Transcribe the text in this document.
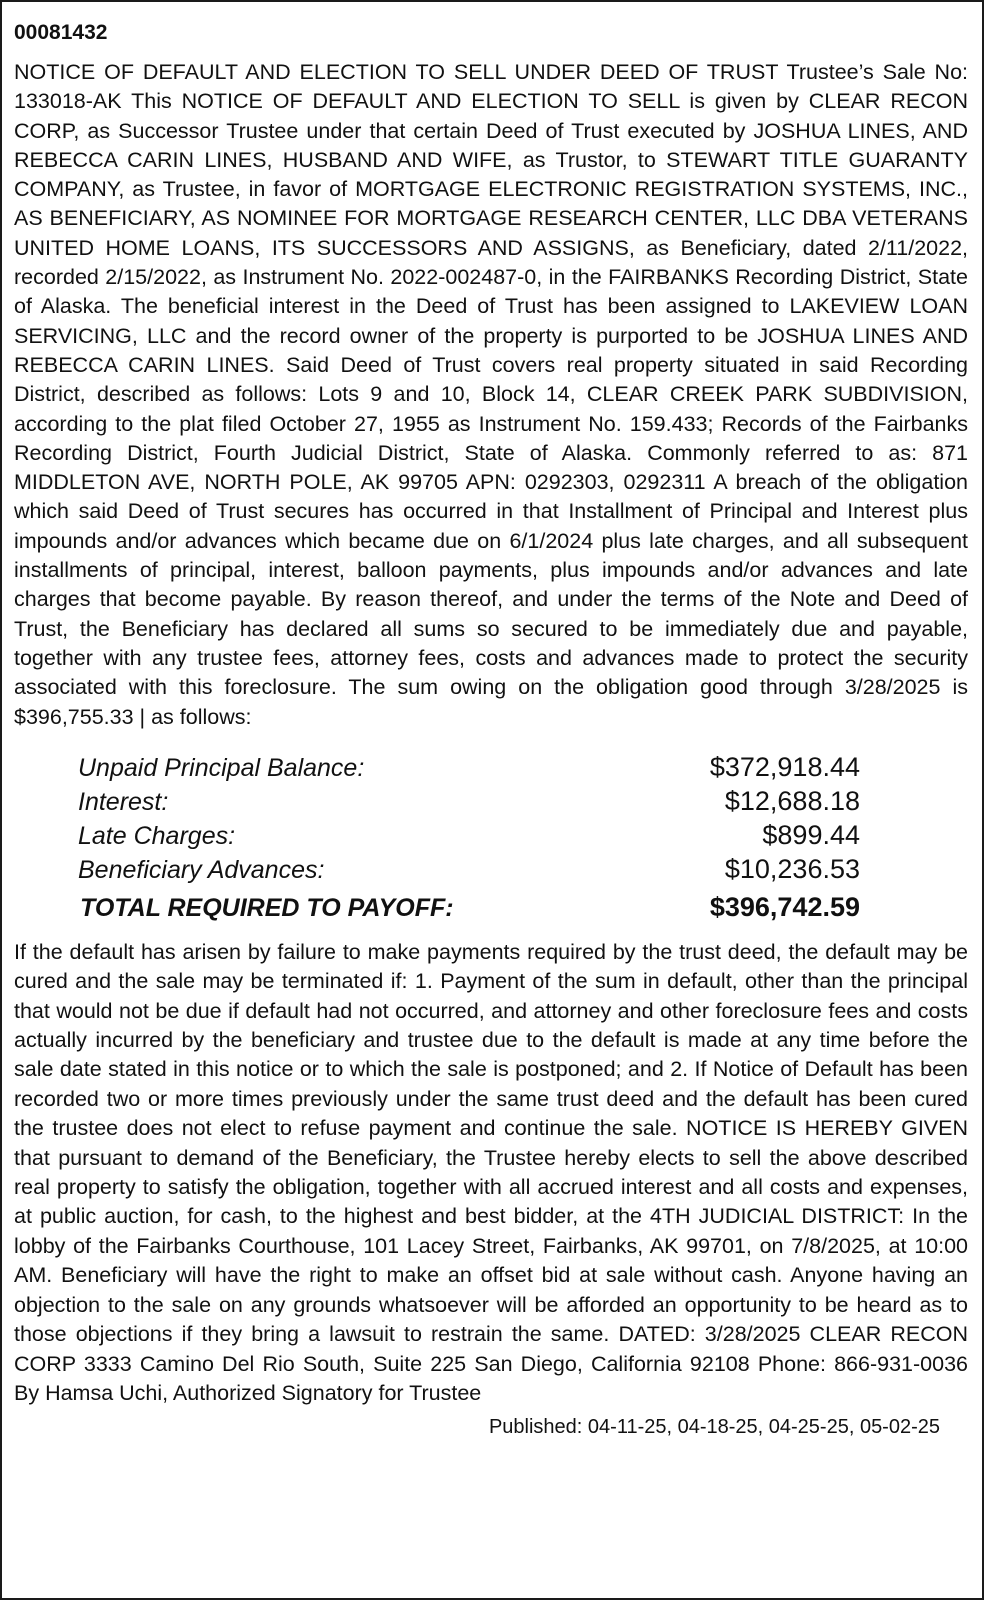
00081432

NOTICE OF DEFAULT AND ELECTION TO SELL UNDER DEED OF TRUST Trustee’s Sale No: 133018-AK This NOTICE OF DEFAULT AND ELECTION TO SELL is given by CLEAR RECON CORP, as Successor Trustee under that certain Deed of Trust executed by JOSHUA LINES, AND REBECCA CARIN LINES, HUSBAND AND WIFE, as Trustor, to STEWART TITLE GUARANTY COMPANY, as Trustee, in favor of MORTGAGE ELECTRONIC REGISTRATION SYSTEMS, INC., AS BENEFICIARY, AS NOMINEE FOR MORTGAGE RESEARCH CENTER, LLC DBA VETERANS UNITED HOME LOANS, ITS SUCCESSORS AND ASSIGNS, as Beneficiary, dated 2/11/2022, recorded 2/15/2022, as Instrument No. 2022-002487-0, in the FAIRBANKS Recording District, State of Alaska. The beneficial interest in the Deed of Trust has been assigned to LAKEVIEW LOAN SERVICING, LLC and the record owner of the property is purported to be JOSHUA LINES AND REBECCA CARIN LINES. Said Deed of Trust covers real property situated in said Recording District, described as follows: Lots 9 and 10, Block 14, CLEAR CREEK PARK SUBDIVISION, according to the plat filed October 27, 1955 as Instrument No. 159.433; Records of the Fairbanks Recording District, Fourth Judicial District, State of Alaska. Commonly referred to as: 871 MIDDLETON AVE, NORTH POLE, AK 99705 APN: 0292303, 0292311 A breach of the obligation which said Deed of Trust secures has occurred in that Installment of Principal and Interest plus impounds and/or advances which became due on 6/1/2024 plus late charges, and all subsequent installments of principal, interest, balloon payments, plus impounds and/or advances and late charges that become payable. By reason thereof, and under the terms of the Note and Deed of Trust, the Beneficiary has declared all sums so secured to be immediately due and payable, together with any trustee fees, attorney fees, costs and advances made to protect the security associated with this foreclosure. The sum owing on the obligation good through 3/28/2025 is $396,755.33 | as follows:

Unpaid Principal Balance:	$372,918.44
Interest:	$12,688.18
Late Charges:	$899.44
Beneficiary Advances:	$10,236.53
TOTAL REQUIRED TO PAYOFF:	$396,742.59

If the default has arisen by failure to make payments required by the trust deed, the default may be cured and the sale may be terminated if: 1. Payment of the sum in default, other than the principal that would not be due if default had not occurred, and attorney and other foreclosure fees and costs actually incurred by the beneficiary and trustee due to the default is made at any time before the sale date stated in this notice or to which the sale is postponed; and 2. If Notice of Default has been recorded two or more times previously under the same trust deed and the default has been cured the trustee does not elect to refuse payment and continue the sale. NOTICE IS HEREBY GIVEN that pursuant to demand of the Beneficiary, the Trustee hereby elects to sell the above described real property to satisfy the obligation, together with all accrued interest and all costs and expenses, at public auction, for cash, to the highest and best bidder, at the 4TH JUDICIAL DISTRICT: In the lobby of the Fairbanks Courthouse, 101 Lacey Street, Fairbanks, AK 99701, on 7/8/2025, at 10:00 AM. Beneficiary will have the right to make an offset bid at sale without cash. Anyone having an objection to the sale on any grounds whatsoever will be afforded an opportunity to be heard as to those objections if they bring a lawsuit to restrain the same. DATED: 3/28/2025 CLEAR RECON CORP 3333 Camino Del Rio South, Suite 225 San Diego, California 92108 Phone: 866-931-0036 By Hamsa Uchi, Authorized Signatory for Trustee

Published: 04-11-25, 04-18-25, 04-25-25, 05-02-25
